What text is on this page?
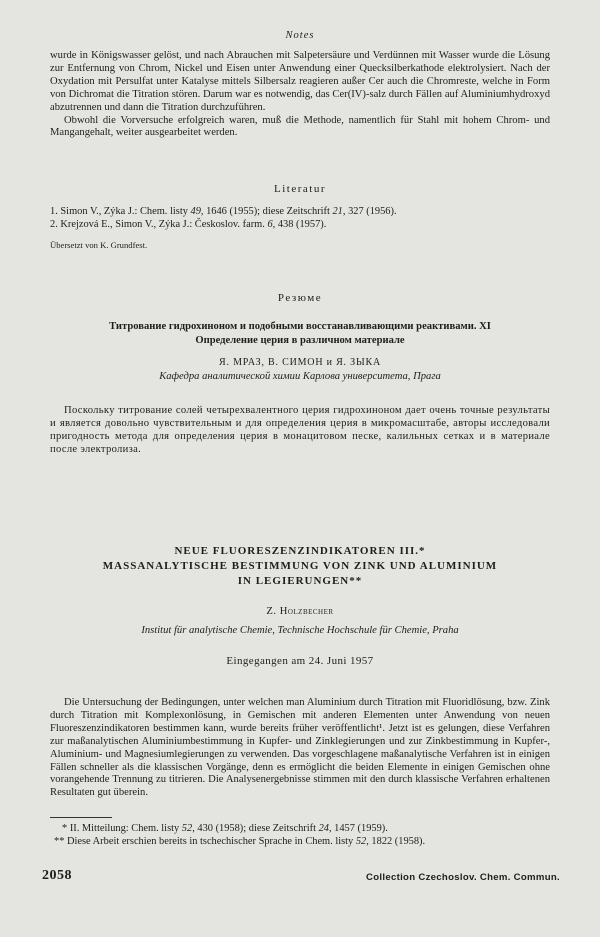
Notes
wurde in Königswasser gelöst, und nach Abrauchen mit Salpetersäure und Verdünnen mit Wasser wurde die Lösung zur Entfernung von Chrom, Nickel und Eisen unter Anwendung einer Quecksilberkathode elektrolysiert. Nach der Oxydation mit Persulfat unter Katalyse mittels Silbersalz reagieren außer Cer auch die Chromreste, welche in Form von Dichromat die Titration stören. Darum war es notwendig, das Cer(IV)-salz durch Fällen auf Aluminiumhydroxyd abzutrennen und dann die Titration durchzuführen.
Obwohl die Vorversuche erfolgreich waren, muß die Methode, namentlich für Stahl mit hohem Chrom- und Mangangehalt, weiter ausgearbeitet werden.
Literatur
1. Simon V., Zýka J.: Chem. listy 49, 1646 (1955); diese Zeitschrift 21, 327 (1956).
2. Krejzová E., Simon V., Zýka J.: Českoslov. farm. 6, 438 (1957).
Übersetzt von K. Grundfest.
Резюме
Титрование гидрохиноном и подобными восстанавливающими реактивами. XI
Определение церия в различном материале
Я. МРАЗ, В. СИМОН и Я. ЗЫКА
Кафедра аналитической химии Карлова университета, Прага
Поскольку титрование солей четырехвалентного церия гидрохиноном дает очень точные результаты и является довольно чувствительным и для определения церия в микромасштабе, авторы исследовали пригодность метода для определения церия в монацитовом песке, калильных сетках и в материале после электролиза.
NEUE FLUORESZENZINDIKATOREN III.*
MASSANALYTISCHE BESTIMMUNG VON ZINK UND ALUMINIUM
IN LEGIERUNGEN**
Z. Holzbecher
Institut für analytische Chemie, Technische Hochschule für Chemie, Praha
Eingegangen am 24. Juni 1957
Die Untersuchung der Bedingungen, unter welchen man Aluminium durch Titration mit Fluoridlösung, bzw. Zink durch Titration mit Komplexonlösung, in Gemischen mit anderen Elementen unter Anwendung von neuen Fluoreszenzindikatoren bestimmen kann, wurde bereits früher veröffentlicht¹. Jetzt ist es gelungen, diese Verfahren zur maßanalytischen Aluminiumbestimmung in Kupfer- und Zinklegierungen und zur Zinkbestimmung in Kupfer-, Aluminium- und Magnesiumlegierungen zu verwenden. Das vorgeschlagene maßanalytische Verfahren ist in einigen Fällen schneller als die klassischen Vorgänge, denn es ermöglicht die beiden Elemente in einigen Gemischen ohne vorangehende Trennung zu titrieren. Die Analysenergebnisse stimmen mit den durch klassische Verfahren erhaltenen Resultaten gut überein.
* II. Mitteilung: Chem. listy 52, 430 (1958); diese Zeitschrift 24, 1457 (1959).
** Diese Arbeit erschien bereits in tschechischer Sprache in Chem. listy 52, 1822 (1958).
2058	Collection Czechoslov. Chem. Commun.
